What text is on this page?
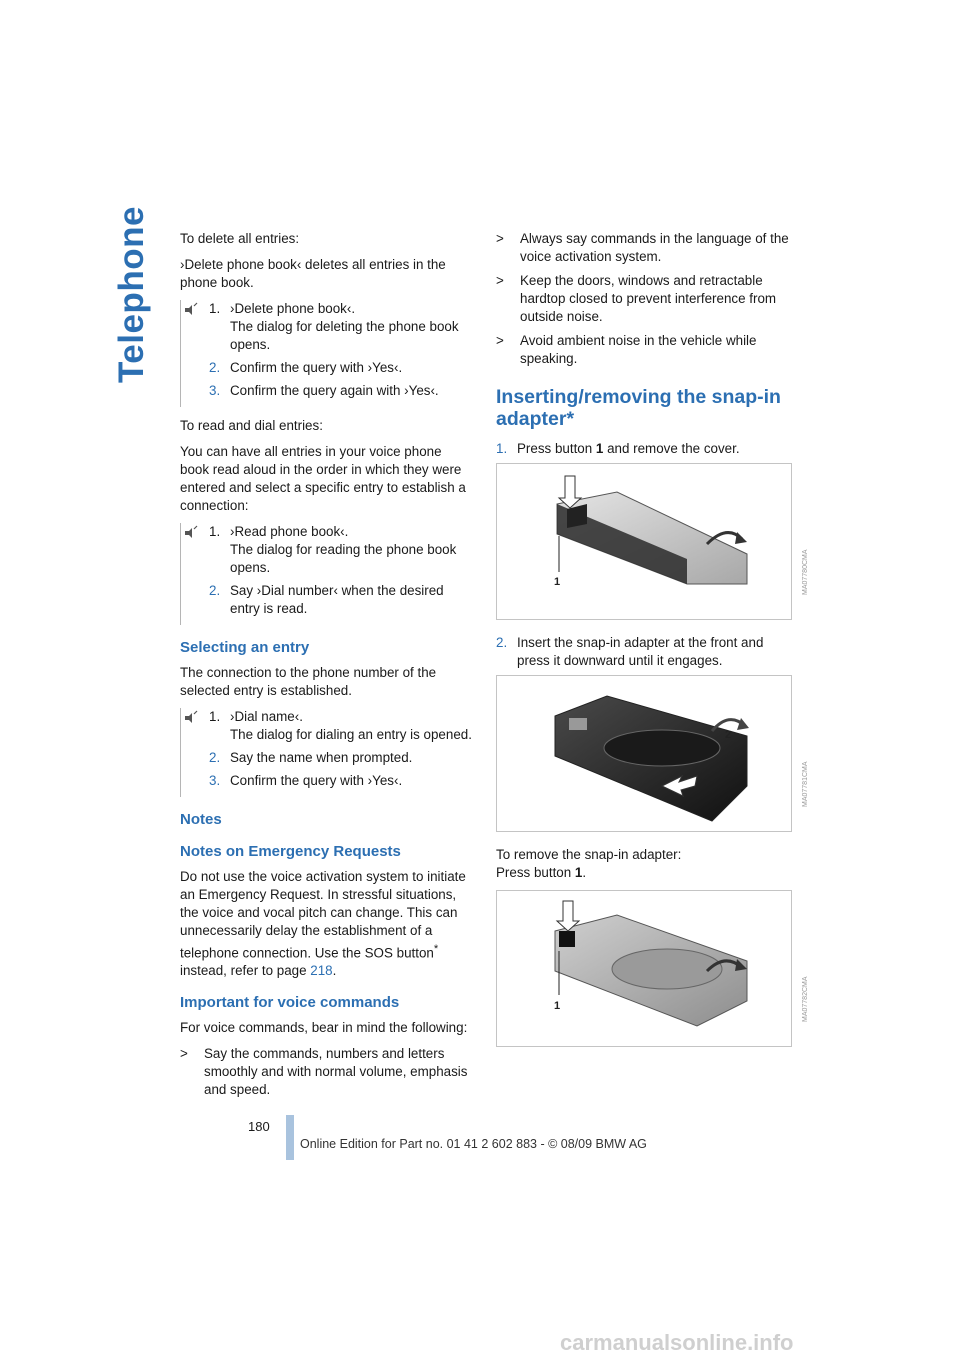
Telephone To delete all entries:

›Delete phone book‹ deletes all entries in the phone book.

1. ›Delete phone book‹.
The dialog for deleting the phone book opens.
2. Confirm the query with ›Yes‹.
3. Confirm the query again with ›Yes‹.

To read and dial entries:

You can have all entries in your voice phone book read aloud in the order in which they were entered and select a specific entry to establish a connection:

1. ›Read phone book‹.
The dialog for reading the phone book opens.
2. Say ›Dial number‹ when the desired entry is read.
Selecting an entry

The connection to the phone number of the selected entry is established.

1. ›Dial name‹.
The dialog for dialing an entry is opened.
2. Say the name when prompted.
3. Confirm the query with ›Yes‹.
Notes
Notes on Emergency Requests

Do not use the voice activation system to initiate an Emergency Request. In stressful situations, the voice and vocal pitch can change. This can unnecessarily delay the establishment of a telephone connection. Use the SOS button* instead, refer to page 218.

Important for voice commands

For voice commands, bear in mind the following:

> Say the commands, numbers and letters smoothly and with normal volume, emphasis and speed.
> Always say commands in the language of the voice activation system.
> Keep the doors, windows and retractable hardtop closed to prevent interference from outside noise.
> Avoid ambient noise in the vehicle while speaking.
Inserting/removing the snap-in adapter*
1. Press button 1 and remove the cover.
1	MA07780CMA
2. Insert the snap-in adapter at the front and press it downward until it engages.
2
MA07781CMA

To remove the snap-in adapter:
Press button 1.

1	MA07782CMA
180
Online Edition for Part no. 01 41 2 602 883 - © 08/09 BMW AG
carmanualsonline.info
